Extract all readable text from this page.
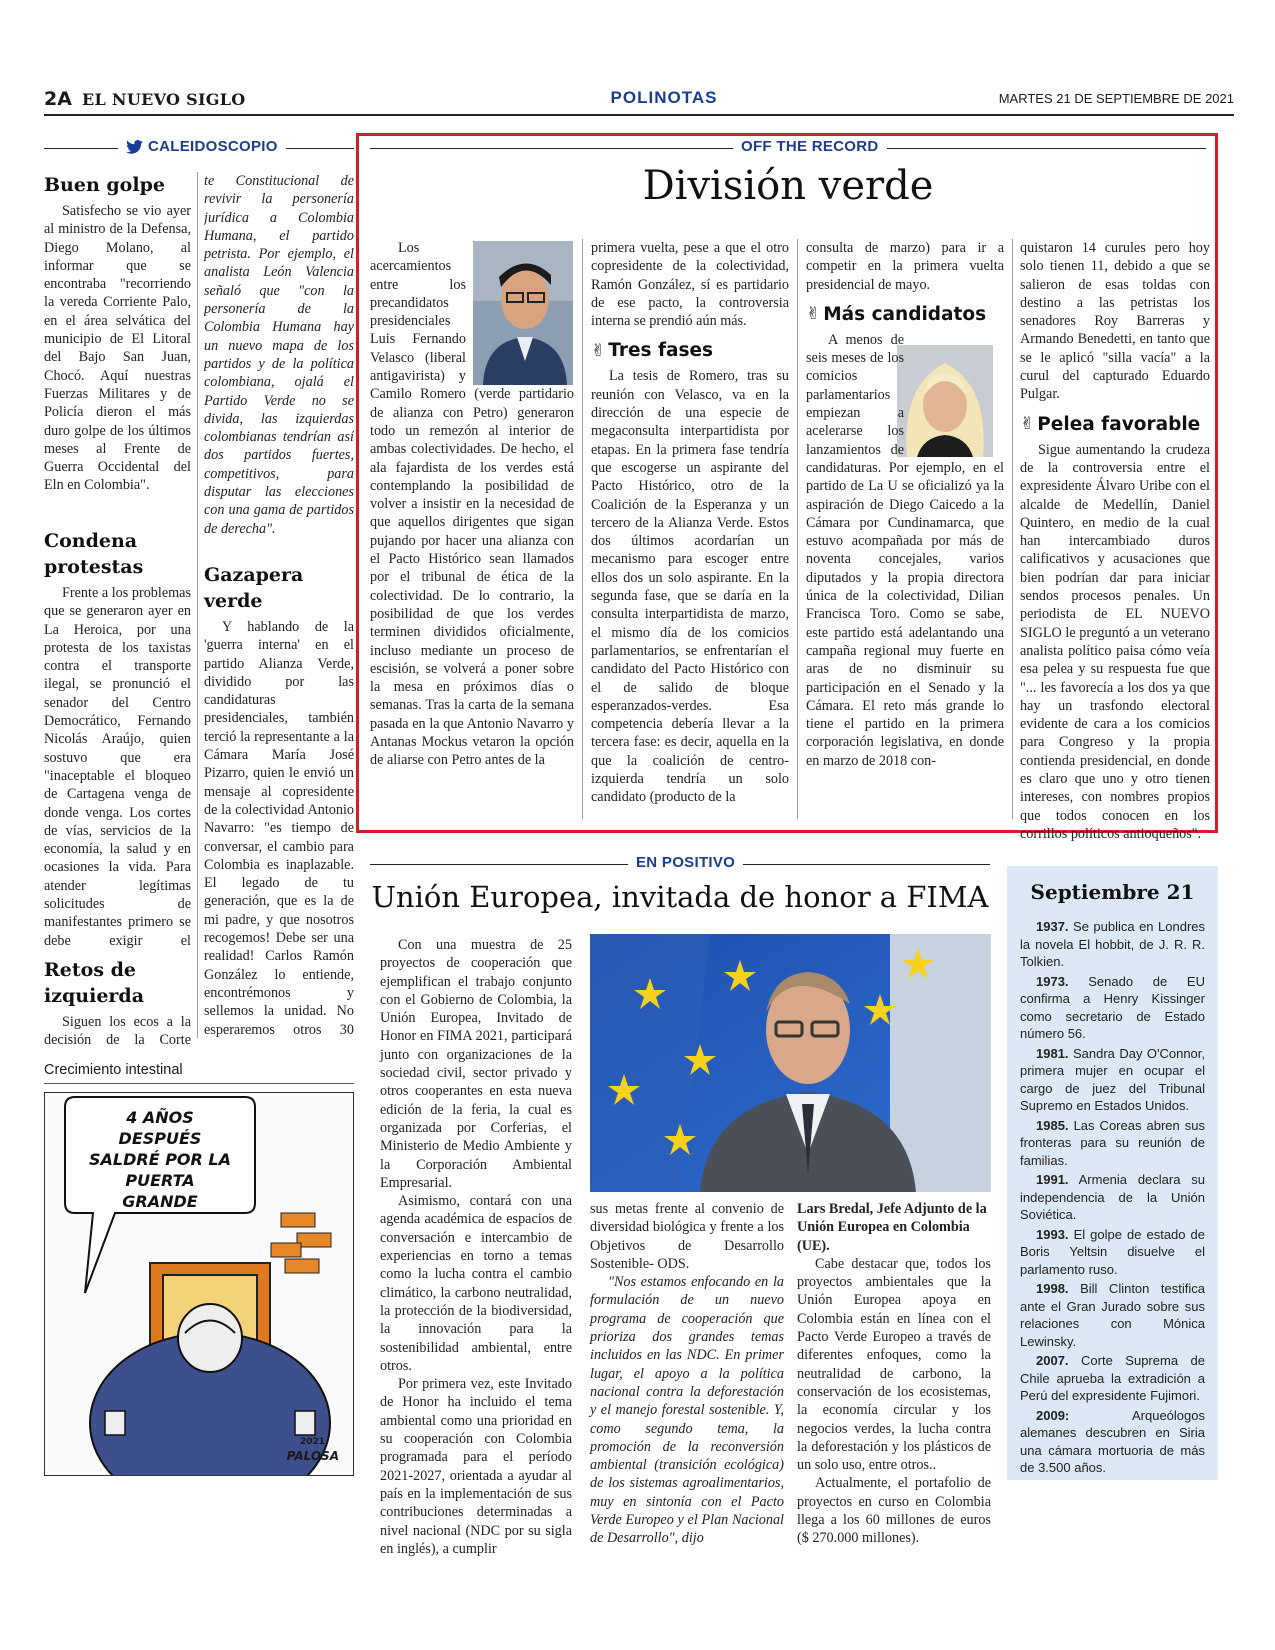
2A EL NUEVO SIGLO	POLINOTAS	MARTES 21 DE SEPTIEMBRE DE 2021
CALEIDOSCOPIO
Buen golpe

Satisfecho se vio ayer al ministro de la Defensa, Diego Molano, al informar que se encontraba "recorriendo la vereda Corriente Palo, en el área selvática del municipio de El Litoral del Bajo San Juan, Chocó. Aquí nuestras Fuerzas Militares y de Policía dieron el más duro golpe de los últimos meses al Frente de Guerra Occidental del Eln en Colombia".

Condena protestas

Frente a los problemas que se generaron ayer en La Heroica, por una protesta de los taxistas contra el transporte ilegal, se pronunció el senador del Centro Democrático, Fernando Nicolás Araújo, quien sostuvo que era "inaceptable el bloqueo de Cartagena venga de donde venga. Los cortes de vías, servicios de la economía, la salud y en ocasiones la vida. Para atender legítimas solicitudes de manifestantes primero se debe exigir el

Retos de izquierda

Siguen los ecos a la decisión de la Corte

te Constitucional de revivir la personería jurídica a Colombia Humana, el partido petrista. Por ejemplo, el analista León Valencia señaló que "con la personería de la Colombia Humana hay un nuevo mapa de los partidos y de la política colombiana, ojalá el Partido Verde no se divida, las izquierdas colombianas tendrían así dos partidos fuertes, competitivos, para disputar las elecciones con una gama de partidos de derecha".

Gazapera verde

Y hablando de la 'guerra interna' en el partido Alianza Verde, dividido por las candidaturas presidenciales, también terció la representante a la Cámara María José Pizarro, quien le envió un mensaje al copresidente de la colectividad Antonio Navarro: "es tiempo de conversar, el cambio para Colombia es inaplazable. El legado de tu generación, que es la de mi padre, y que nosotros recogemos! Debe ser una realidad! Carlos Ramón González lo entiende, encontrémonos y sellemos la unidad. No esperaremos otros 30

Crecimiento intestinal
4 AÑOS DESPUÉS SALDRÉ POR LA PUERTA GRANDE
2021
PALOSA
OFF THE RECORD
División verde

Los acercamientos entre los precandidatos presidenciales Luis Fernando Velasco (liberal antigavirista) y Camilo Romero (verde partidario de alianza con Petro) generaron todo un remezón al interior de ambas colectividades. De hecho, el ala fajardista de los verdes está contemplando la posibilidad de volver a insistir en la necesidad de que aquellos dirigentes que sigan pujando por hacer una alianza con el Pacto Histórico sean llamados por el tribunal de ética de la colectividad. De lo contrario, la posibilidad de que los verdes terminen divididos oficialmente, incluso mediante un proceso de escisión, se volverá a poner sobre la mesa en próximos días o semanas. Tras la carta de la semana pasada en la que Antonio Navarro y Antanas Mockus vetaron la opción de aliarse con Petro antes de la

primera vuelta, pese a que el otro copresidente de la colectividad, Ramón González, sí es partidario de ese pacto, la controversia interna se prendió aún más.

✌ Tres fases

La tesis de Romero, tras su reunión con Velasco, va en la dirección de una especie de megaconsulta interpartidista por etapas. En la primera fase tendría que escogerse un aspirante del Pacto Histórico, otro de la Coalición de la Esperanza y un tercero de la Alianza Verde. Estos dos últimos acordarían un mecanismo para escoger entre ellos dos un solo aspirante. En la segunda fase, que se daría en la consulta interpartidista de marzo, el mismo día de los comicios parlamentarios, se enfrentarían el candidato del Pacto Histórico con el de salido de bloque esperanzados-verdes. Esa competencia debería llevar a la tercera fase: es decir, aquella en la que la coalición de centro-izquierda tendría un solo candidato (producto de la

consulta de marzo) para ir a competir en la primera vuelta presidencial de mayo.

✌ Más candidatos

A menos de seis meses de los comicios parlamentarios empiezan a acelerarse los lanzamientos de candidaturas. Por ejemplo, en el partido de La U se oficializó ya la aspiración de Diego Caicedo a la Cámara por Cundinamarca, que estuvo acompañada por más de noventa concejales, varios diputados y la propia directora única de la colectividad, Dilian Francisca Toro. Como se sabe, este partido está adelantando una campaña regional muy fuerte en aras de no disminuir su participación en el Senado y la Cámara. El reto más grande lo tiene el partido en la primera corporación legislativa, en donde en marzo de 2018 con-

quistaron 14 curules pero hoy solo tienen 11, debido a que se salieron de esas toldas con destino a las petristas los senadores Roy Barreras y Armando Benedetti, en tanto que se le aplicó "silla vacía" a la curul del capturado Eduardo Pulgar.

✌ Pelea favorable

Sigue aumentando la crudeza de la controversia entre el expresidente Álvaro Uribe con el alcalde de Medellín, Daniel Quintero, en medio de la cual han intercambiado duros calificativos y acusaciones que bien podrían dar para iniciar sendos procesos penales. Un periodista de EL NUEVO SIGLO le preguntó a un veterano analista político paisa cómo veía esa pelea y su respuesta fue que "... les favorecía a los dos ya que hay un trasfondo electoral evidente de cara a los comicios para Congreso y la propia contienda presidencial, en donde es claro que uno y otro tienen intereses, con nombres propios que todos conocen en los corrillos políticos antioqueños".

EN POSITIVO
Unión Europea, invitada de honor a FIMA

Con una muestra de 25 proyectos de cooperación que ejemplifican el trabajo conjunto con el Gobierno de Colombia, la Unión Europea, Invitado de Honor en FIMA 2021, participará junto con organizaciones de la sociedad civil, sector privado y otros cooperantes en esta nueva edición de la feria, la cual es organizada por Corferias, el Ministerio de Medio Ambiente y la Corporación Ambiental Empresarial.

Asimismo, contará con una agenda académica de espacios de conversación e intercambio de experiencias en torno a temas como la lucha contra el cambio climático, la carbono neutralidad, la protección de la biodiversidad, la innovación para la sostenibilidad ambiental, entre otros.

Por primera vez, este Invitado de Honor ha incluido el tema ambiental como una prioridad en su cooperación con Colombia programada para el período 2021-2027, orientada a ayudar al país en la implementación de sus contribuciones determinadas a nivel nacional (NDC por su sigla en inglés), a cumplir

sus metas frente al convenio de diversidad biológica y frente a los Objetivos de Desarrollo Sostenible- ODS.

"Nos estamos enfocando en la formulación de un nuevo programa de cooperación que prioriza dos grandes temas incluidos en las NDC. En primer lugar, el apoyo a la política nacional contra la deforestación y el manejo forestal sostenible. Y, como segundo tema, la promoción de la reconversión ambiental (transición ecológica) de los sistemas agroalimentarios, muy en sintonía con el Pacto Verde Europeo y el Plan Nacional de Desarrollo", dijo

Lars Bredal, Jefe Adjunto de la Unión Europea en Colombia (UE).

Cabe destacar que, todos los proyectos ambientales que la Unión Europea apoya en Colombia están en línea con el Pacto Verde Europeo a través de diferentes enfoques, como la neutralidad de carbono, la conservación de los ecosistemas, la economía circular y los negocios verdes, la lucha contra la deforestación y los plásticos de un solo uso, entre otros..

Actualmente, el portafolio de proyectos en curso en Colombia llega a los 60 millones de euros ($ 270.000 millones).

Septiembre 21

1937. Se publica en Londres la novela El hobbit, de J. R. R. Tolkien.

1973. Senado de EU confirma a Henry Kissinger como secretario de Estado número 56.

1981. Sandra Day O'Connor, primera mujer en ocupar el cargo de juez del Tribunal Supremo en Estados Unidos.

1985. Las Coreas abren sus fronteras para su reunión de familias.

1991. Armenia declara su independencia de la Unión Soviética.

1993. El golpe de estado de Boris Yeltsin disuelve el parlamento ruso.

1998. Bill Clinton testifica ante el Gran Jurado sobre sus relaciones con Mónica Lewinsky.

2007. Corte Suprema de Chile aprueba la extradición a Perú del expresidente Fujimori.

2009: Arqueólogos alemanes descubren en Siria una cámara mortuoria de más de 3.500 años.
